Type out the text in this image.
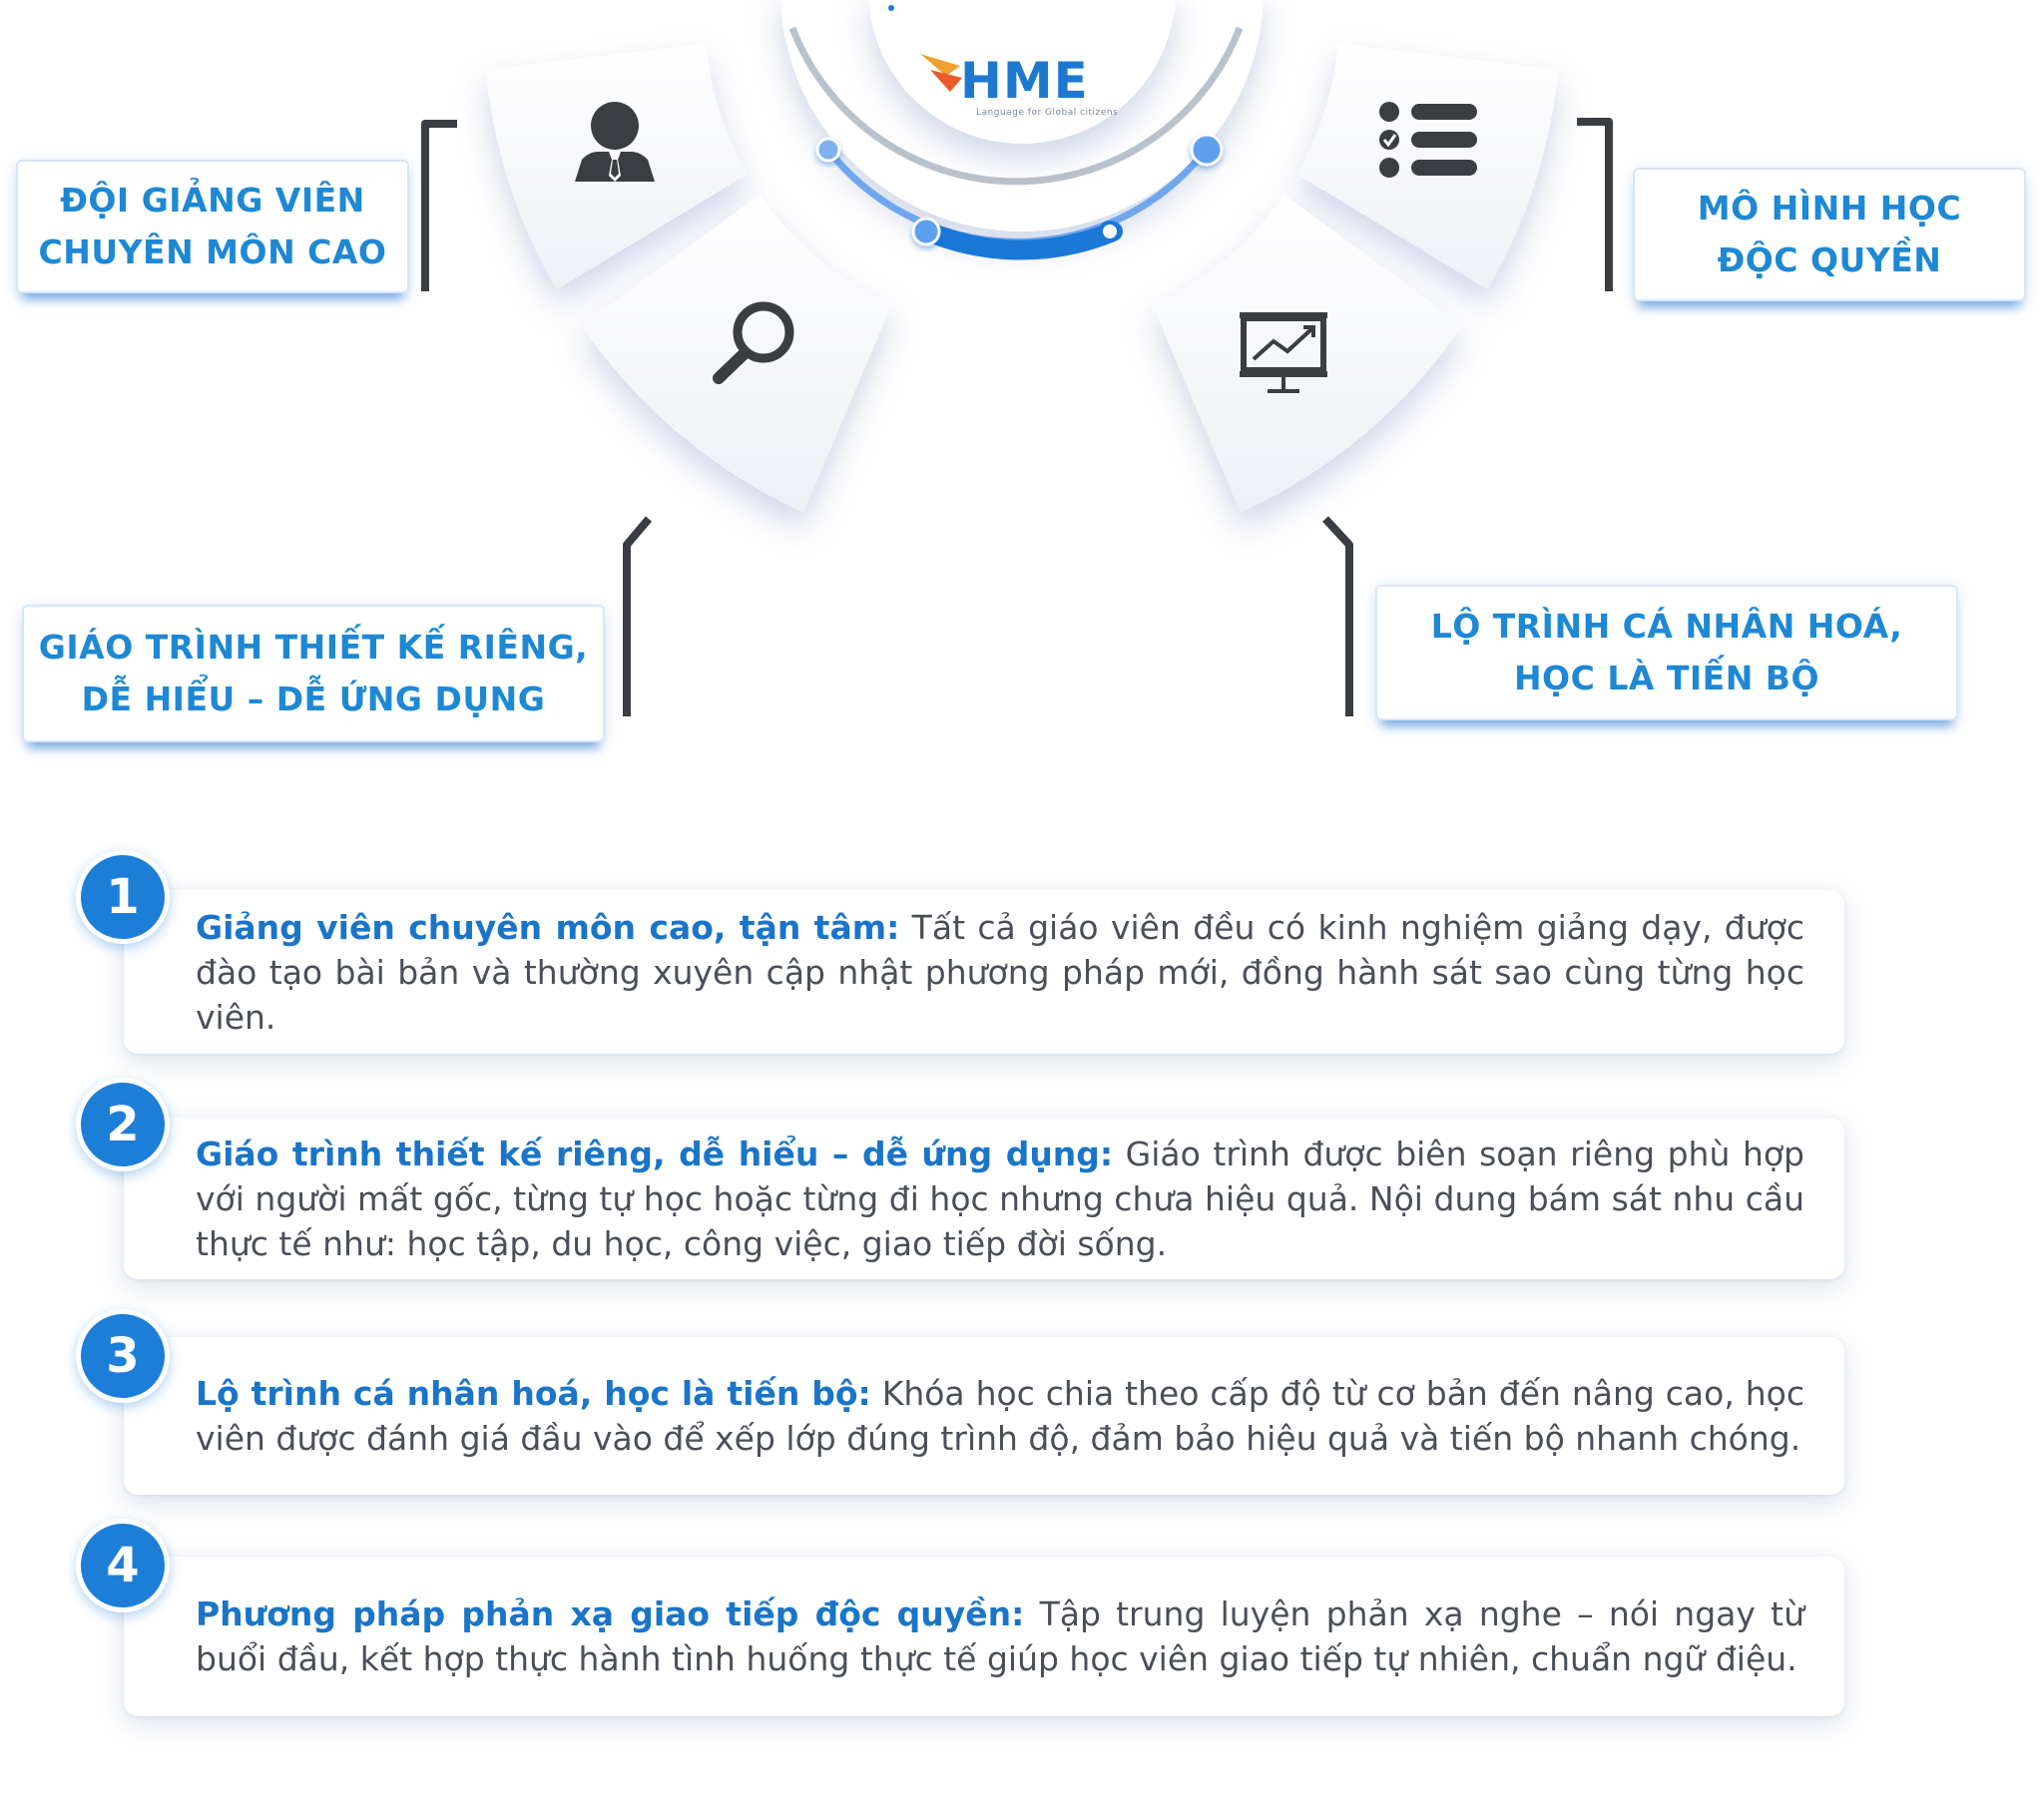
HME
Language for Global citizens
ĐỘI GIẢNG VIÊN
CHUYÊN MÔN CAO
GIÁO TRÌNH THIẾT KẾ RIÊNG,
DỄ HIỂU – DỄ ỨNG DỤNG
MÔ HÌNH HỌC
ĐỘC QUYỀN
LỘ TRÌNH CÁ NHÂN HOÁ,
HỌC LÀ TIẾN BỘ

Giảng viên chuyên môn cao, tận tâm: Tất cả giáo viên đều có kinh nghiệm giảng dạy, được đào tạo bài bản và thường xuyên cập nhật phương pháp mới, đồng hành sát sao cùng từng học viên.

1

Giáo trình thiết kế riêng, dễ hiểu – dễ ứng dụng: Giáo trình được biên soạn riêng phù hợp với người mất gốc, từng tự học hoặc từng đi học nhưng chưa hiệu quả. Nội dung bám sát nhu cầu thực tế như: học tập, du học, công việc, giao tiếp đời sống.

2

Lộ trình cá nhân hoá, học là tiến bộ: Khóa học chia theo cấp độ từ cơ bản đến nâng cao, học viên được đánh giá đầu vào để xếp lớp đúng trình độ, đảm bảo hiệu quả và tiến bộ nhanh chóng.

3

Phương pháp phản xạ giao tiếp độc quyền: Tập trung luyện phản xạ nghe – nói ngay từ buổi đầu, kết hợp thực hành tình huống thực tế giúp học viên giao tiếp tự nhiên, chuẩn ngữ điệu.

4
